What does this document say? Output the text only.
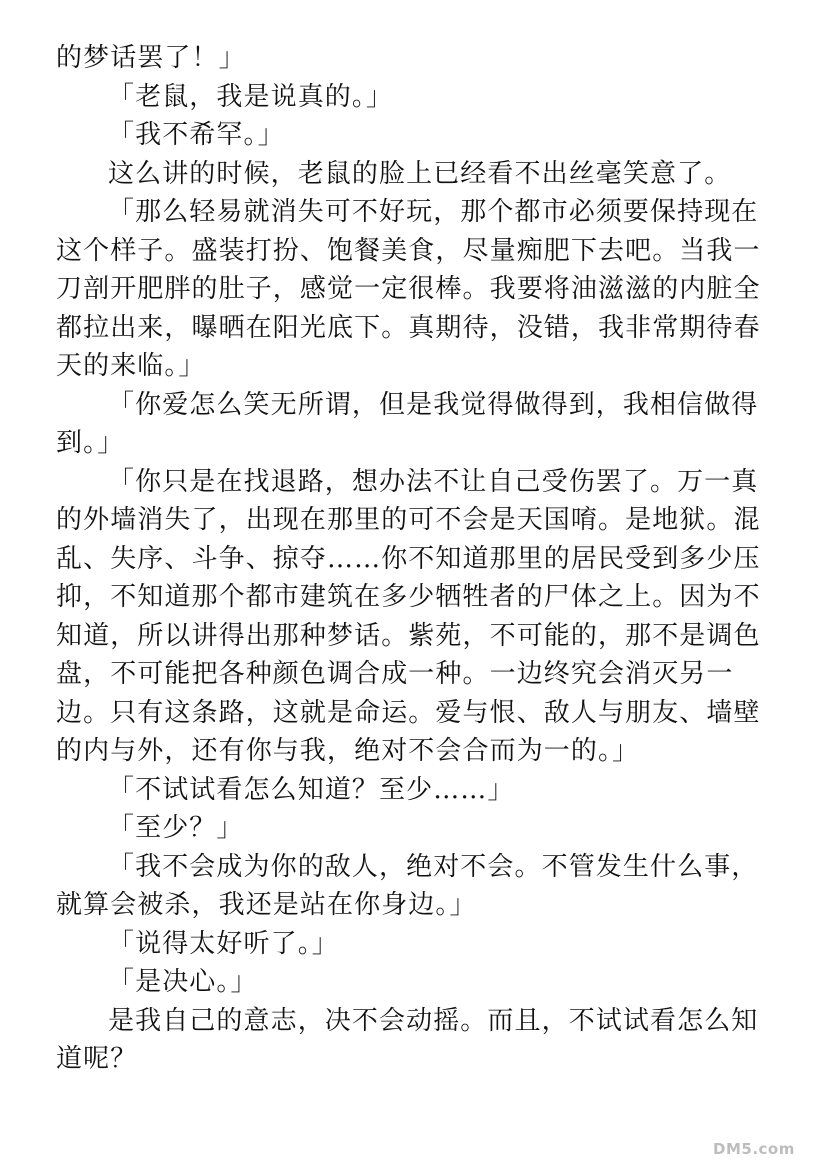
的梦话罢了！」
「老鼠，我是说真的。」
「我不希罕。」
这么讲的时候，老鼠的脸上已经看不出丝毫笑意了。
「那么轻易就消失可不好玩，那个都市必须要保持现在
这个样子。盛装打扮、饱餐美食，尽量痴肥下去吧。当我一
刀剖开肥胖的肚子，感觉一定很棒。我要将油滋滋的内脏全
都拉出来，曝晒在阳光底下。真期待，没错，我非常期待春
天的来临。」
「你爱怎么笑无所谓，但是我觉得做得到，我相信做得
到。」
「你只是在找退路，想办法不让自己受伤罢了。万一真
的外墙消失了，出现在那里的可不会是天国唷。是地狱。混
乱、失序、斗争、掠夺……你不知道那里的居民受到多少压
抑，不知道那个都市建筑在多少牺牲者的尸体之上。因为不
知道，所以讲得出那种梦话。紫苑，不可能的，那不是调色
盘，不可能把各种颜色调合成一种。一边终究会消灭另一
边。只有这条路，这就是命运。爱与恨、敌人与朋友、墙壁
的内与外，还有你与我，绝对不会合而为一的。」
「不试试看怎么知道？至少……」
「至少？」
「我不会成为你的敌人，绝对不会。不管发生什么事，
就算会被杀，我还是站在你身边。」
「说得太好听了。」
「是决心。」
是我自己的意志，决不会动摇。而且，不试试看怎么知
道呢？
DM5.com
